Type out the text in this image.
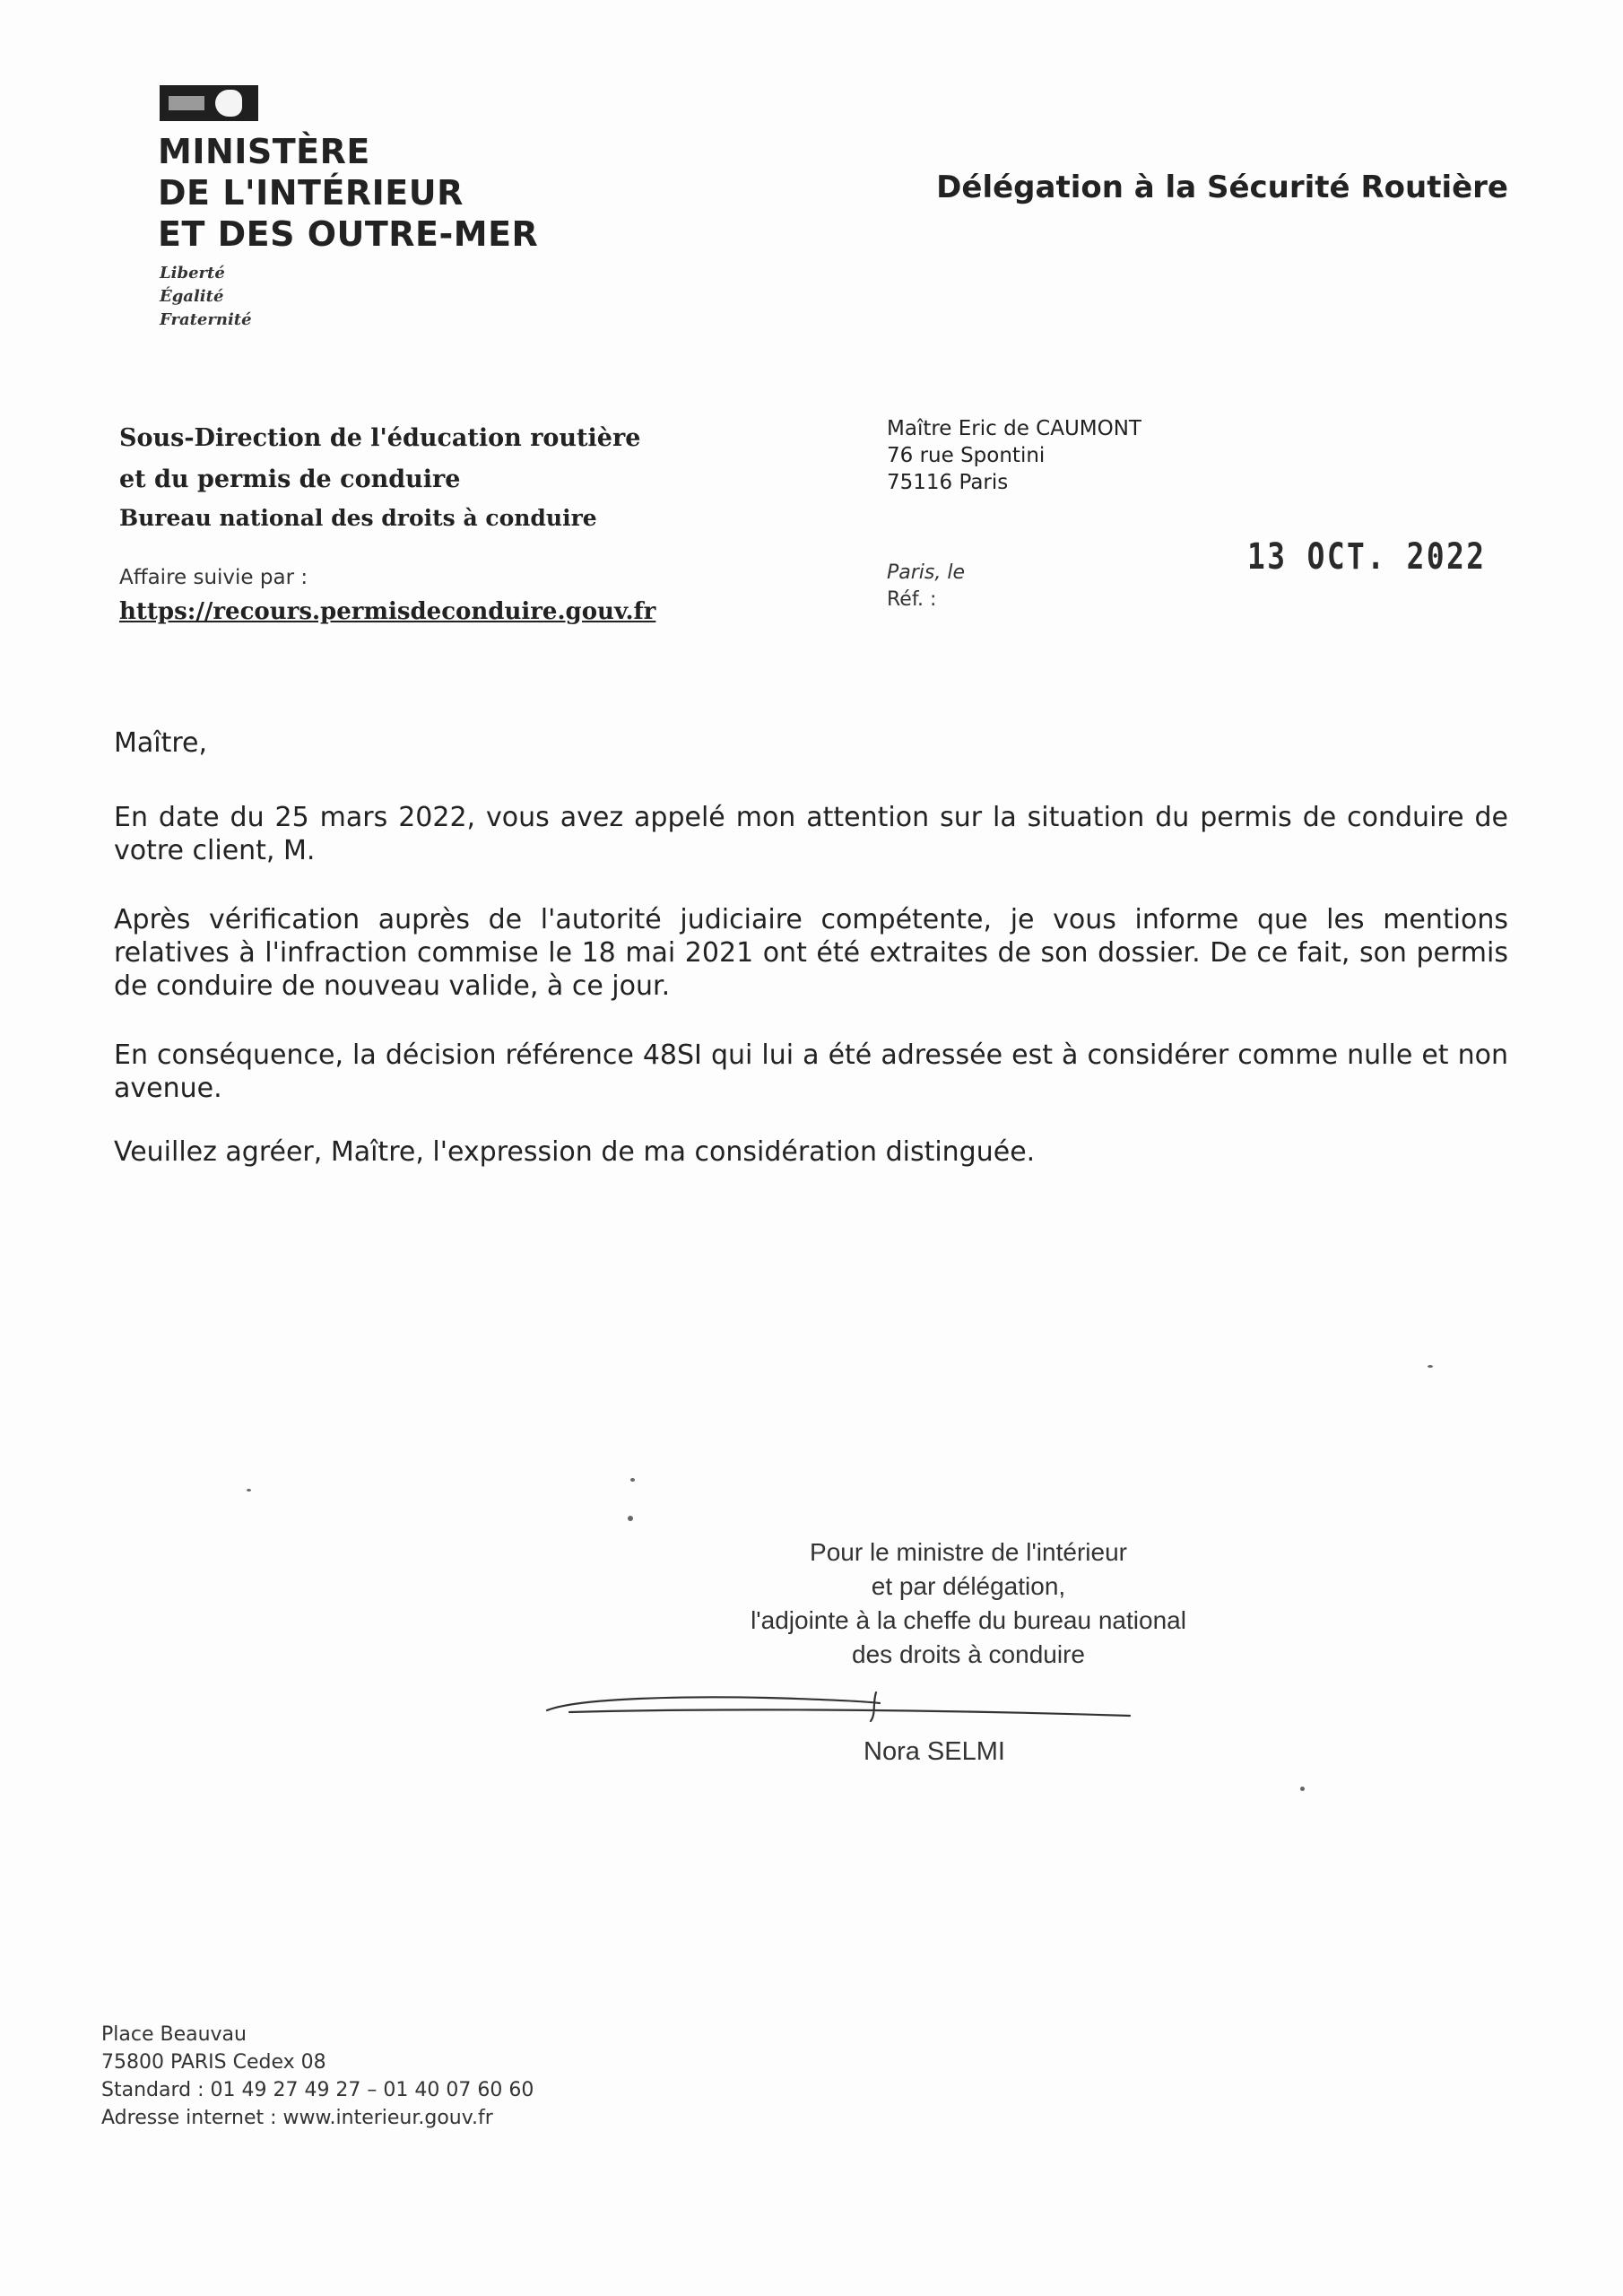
MINISTÈRE
DE L'INTÉRIEUR
ET DES OUTRE-MER
Liberté
Égalité
Fraternité
Délégation à la Sécurité Routière
Sous-Direction de l'éducation routière
et du permis de conduire
Bureau national des droits à conduire
Affaire suivie par :
https://recours.permisdeconduire.gouv.fr
Maître Eric de CAUMONT
76 rue Spontini
75116 Paris
Paris, le
Réf. :
13 OCT. 2022
Maître,
En date du 25 mars 2022, vous avez appelé mon attention sur la situation du permis de conduire de votre client, M.
Après vérification auprès de l'autorité judiciaire compétente, je vous informe que les mentions relatives à l'infraction commise le 18 mai 2021 ont été extraites de son dossier. De ce fait, son permis de conduire de nouveau valide, à ce jour.
En conséquence, la décision référence 48SI qui lui a été adressée est à considérer comme nulle et non avenue.
Veuillez agréer, Maître, l'expression de ma considération distinguée.
Pour le ministre de l'intérieur
et par délégation,
l'adjointe à la cheffe du bureau national
des droits à conduire
Nora SELMI
Place Beauvau
75800 PARIS Cedex 08
Standard : 01 49 27 49 27 – 01 40 07 60 60
Adresse internet : www.interieur.gouv.fr
